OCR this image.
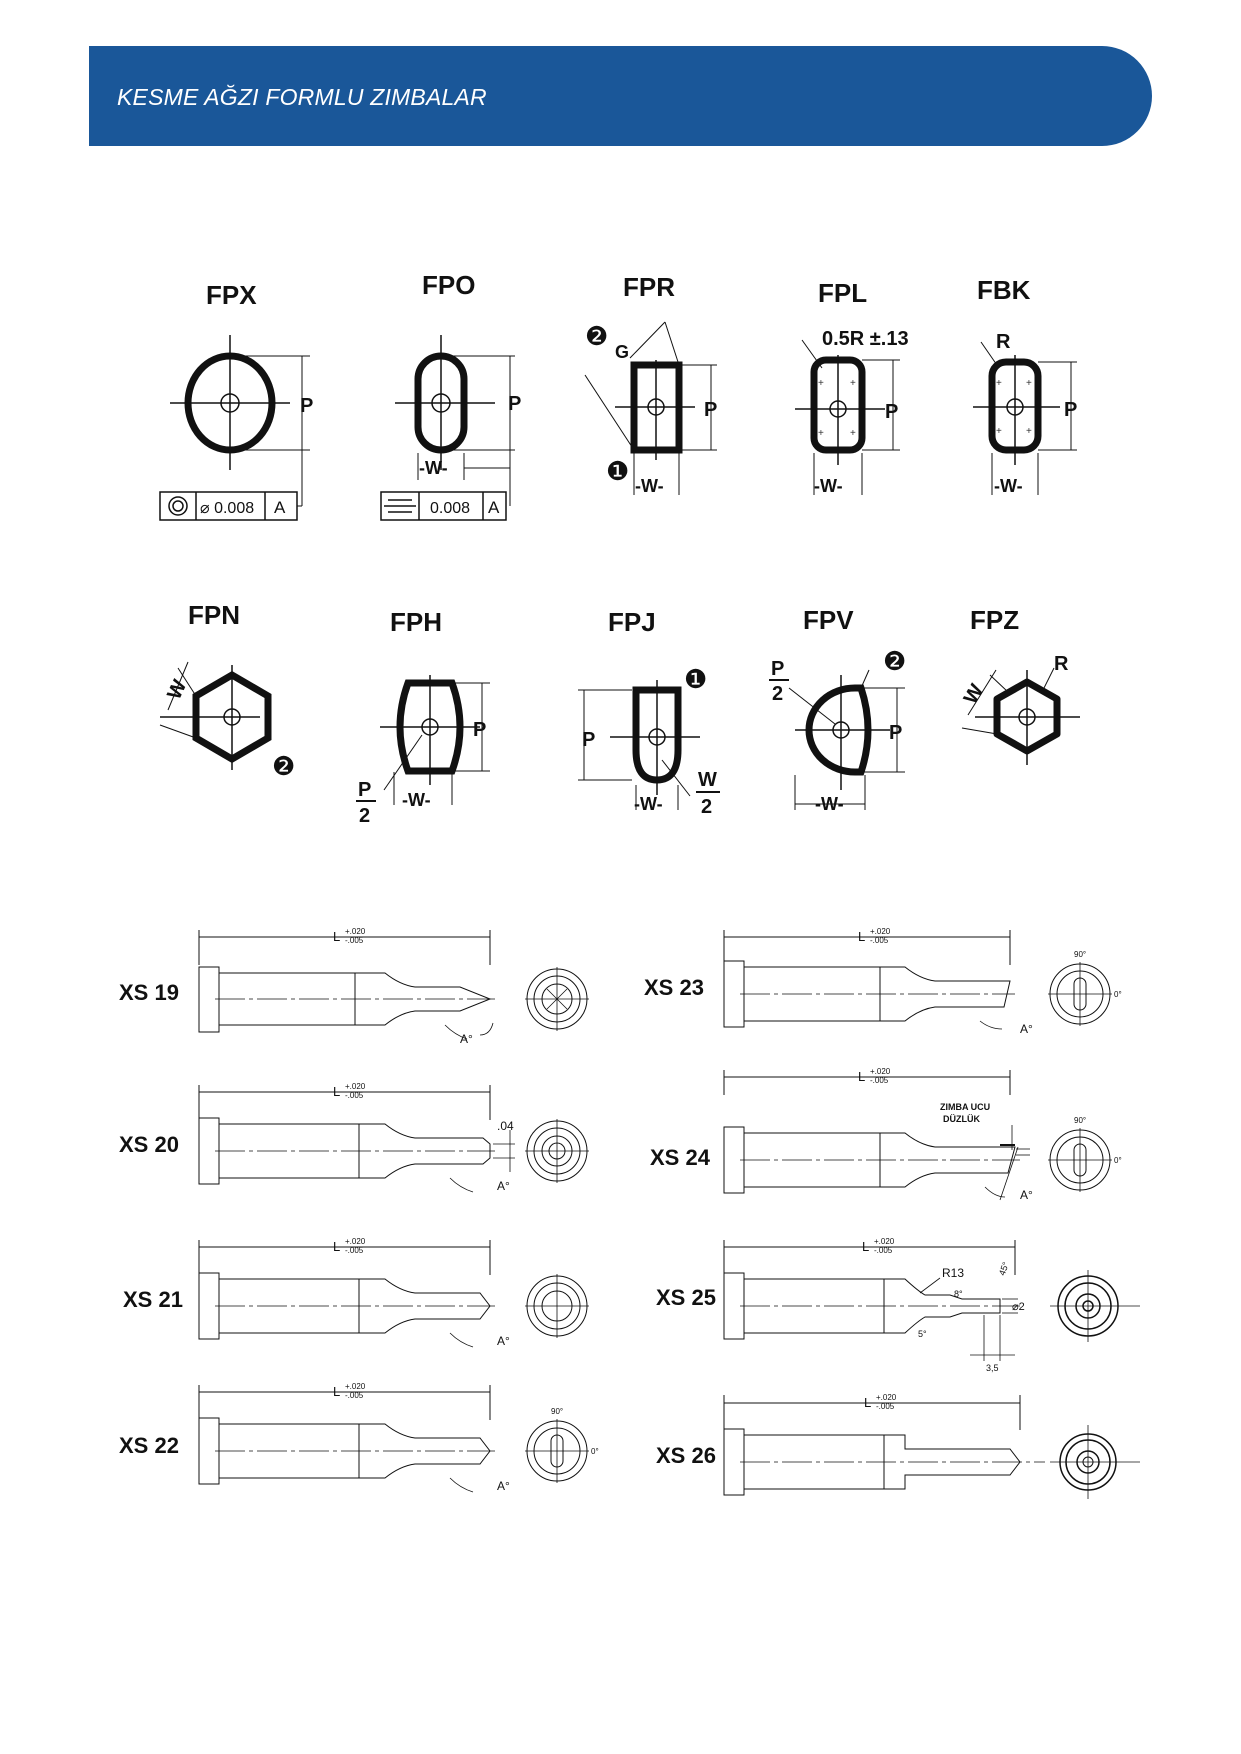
KESME AĞZI FORMLU ZIMBALAR
FPX
P
⌀ 0.008 A
FPO
P
-W-
0.008 A
FPR
P
G
❷
❶ -W-
FPL
+	+
+	+
P
0.5R ±.13
-W-
FBK
+ +
+ +
P
R
-W-
FPN
W
❷
FPH
P
-W-
P
2
FPJ
P
❶
-W-
W
2
FPV
P
❷
P
2
-W-
FPZ
W
R
XS 19
L +.020
-.005
A°
XS 20
L +.020
-.005
.04
A°
XS 21
L +.020
-.005
A°
XS 22
L +.020
-.005
A°
90°
0°
XS 23
L +.020
-.005
A°
90°
0°
XS 24
L +.020
-.005
ZIMBA UCU
DÜZLÜK
A°
90°
0°
XS 25
L +.020
-.005
R13	45°
8°
5°
⌀2
3,5
XS 26
L +.020
-.005
